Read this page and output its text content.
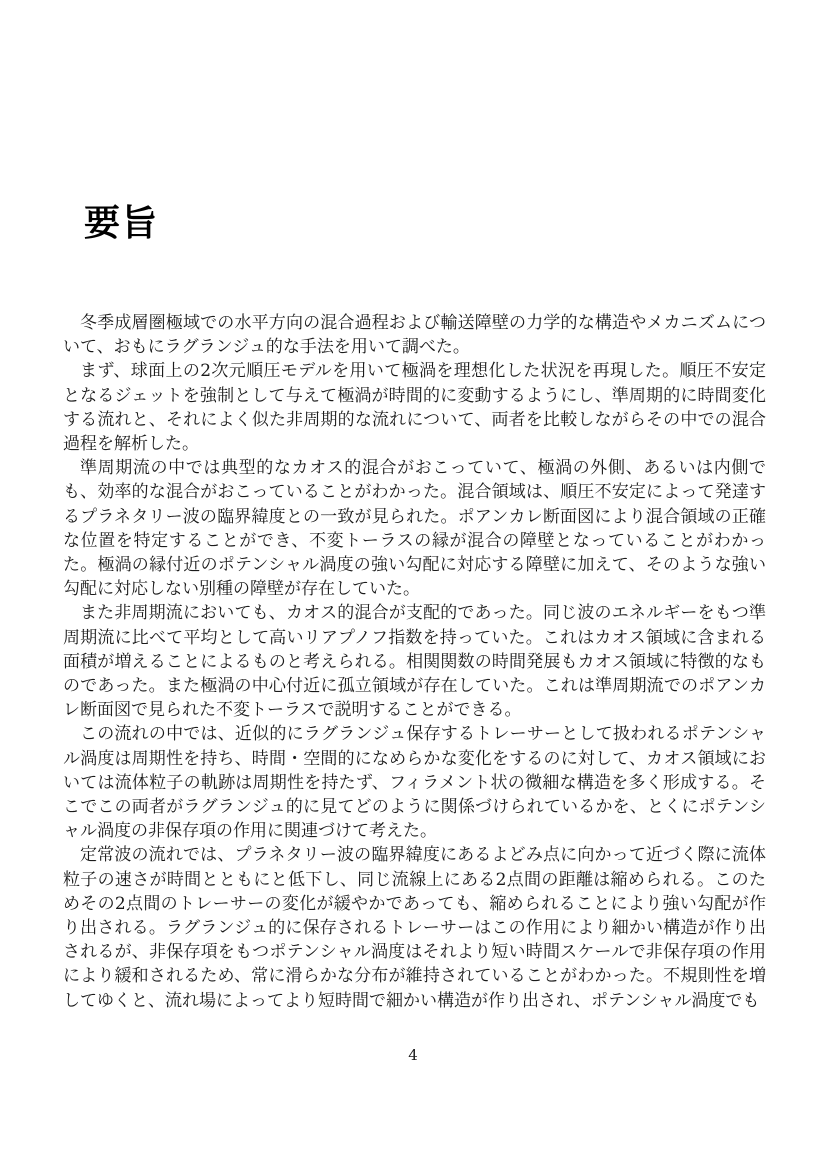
要旨

冬季成層圏極域での水平方向の混合過程および輸送障壁の力学的な構造やメカニズムについて、おもにラグランジュ的な手法を用いて調べた。

まず、球面上の2次元順圧モデルを用いて極渦を理想化した状況を再現した。順圧不安定となるジェットを強制として与えて極渦が時間的に変動するようにし、準周期的に時間変化する流れと、それによく似た非周期的な流れについて、両者を比較しながらその中での混合過程を解析した。

準周期流の中では典型的なカオス的混合がおこっていて、極渦の外側、あるいは内側でも、効率的な混合がおこっていることがわかった。混合領域は、順圧不安定によって発達するプラネタリー波の臨界緯度との一致が見られた。ポアンカレ断面図により混合領域の正確な位置を特定することができ、不変トーラスの縁が混合の障壁となっていることがわかった。極渦の縁付近のポテンシャル渦度の強い勾配に対応する障壁に加えて、そのような強い勾配に対応しない別種の障壁が存在していた。

また非周期流においても、カオス的混合が支配的であった。同じ波のエネルギーをもつ準周期流に比べて平均として高いリアプノフ指数を持っていた。これはカオス領域に含まれる面積が増えることによるものと考えられる。相関関数の時間発展もカオス領域に特徴的なものであった。また極渦の中心付近に孤立領域が存在していた。これは準周期流でのポアンカレ断面図で見られた不変トーラスで説明することができる。

この流れの中では、近似的にラグランジュ保存するトレーサーとして扱われるポテンシャル渦度は周期性を持ち、時間・空間的になめらかな変化をするのに対して、カオス領域においては流体粒子の軌跡は周期性を持たず、フィラメント状の微細な構造を多く形成する。そこでこの両者がラグランジュ的に見てどのように関係づけられているかを、とくにポテンシャル渦度の非保存項の作用に関連づけて考えた。

定常波の流れでは、プラネタリー波の臨界緯度にあるよどみ点に向かって近づく際に流体粒子の速さが時間とともにと低下し、同じ流線上にある2点間の距離は縮められる。このためその2点間のトレーサーの変化が緩やかであっても、縮められることにより強い勾配が作り出される。ラグランジュ的に保存されるトレーサーはこの作用により細かい構造が作り出されるが、非保存項をもつポテンシャル渦度はそれより短い時間スケールで非保存項の作用により緩和されるため、常に滑らかな分布が維持されていることがわかった。不規則性を増してゆくと、流れ場によってより短時間で細かい構造が作り出され、ポテンシャル渦度でも

4
